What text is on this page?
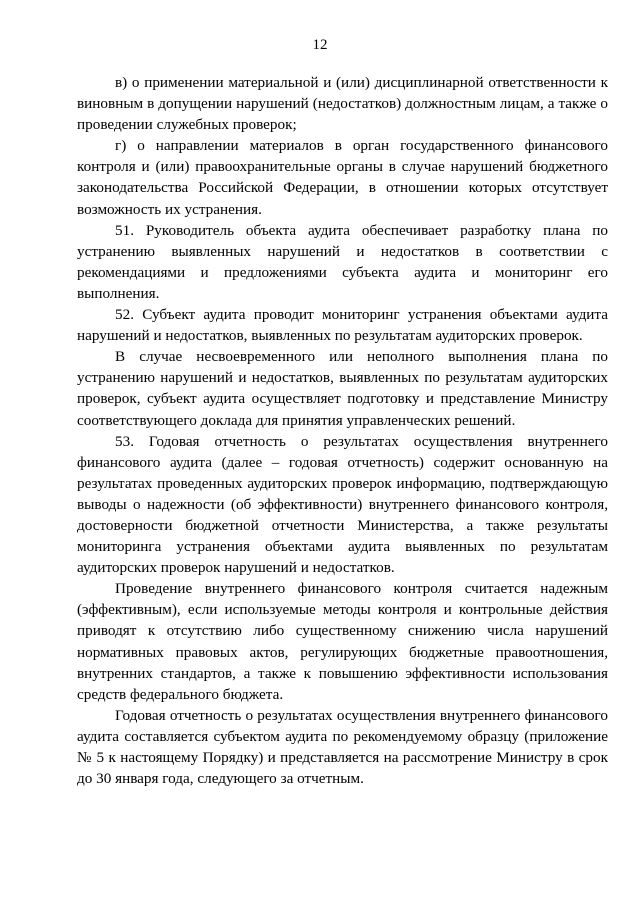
12

в) о применении материальной и (или) дисциплинарной ответственности к виновным в допущении нарушений (недостатков) должностным лицам, а также о проведении служебных проверок;

г) о направлении материалов в орган государственного финансового контроля и (или) правоохранительные органы в случае нарушений бюджетного законодательства Российской Федерации, в отношении которых отсутствует возможность их устранения.

51. Руководитель объекта аудита обеспечивает разработку плана по устранению выявленных нарушений и недостатков в соответствии с рекомендациями и предложениями субъекта аудита и мониторинг его выполнения.

52. Субъект аудита проводит мониторинг устранения объектами аудита нарушений и недостатков, выявленных по результатам аудиторских проверок.

В случае несвоевременного или неполного выполнения плана по устранению нарушений и недостатков, выявленных по результатам аудиторских проверок, субъект аудита осуществляет подготовку и представление Министру соответствующего доклада для принятия управленческих решений.

53. Годовая отчетность о результатах осуществления внутреннего финансового аудита (далее – годовая отчетность) содержит основанную на результатах проведенных аудиторских проверок информацию, подтверждающую выводы о надежности (об эффективности) внутреннего финансового контроля, достоверности бюджетной отчетности Министерства, а также результаты мониторинга устранения объектами аудита выявленных по результатам аудиторских проверок нарушений и недостатков.

Проведение внутреннего финансового контроля считается надежным (эффективным), если используемые методы контроля и контрольные действия приводят к отсутствию либо существенному снижению числа нарушений нормативных правовых актов, регулирующих бюджетные правоотношения, внутренних стандартов, а также к повышению эффективности использования средств федерального бюджета.

Годовая отчетность о результатах осуществления внутреннего финансового аудита составляется субъектом аудита по рекомендуемому образцу (приложение № 5 к настоящему Порядку) и представляется на рассмотрение Министру в срок до 30 января года, следующего за отчетным.
